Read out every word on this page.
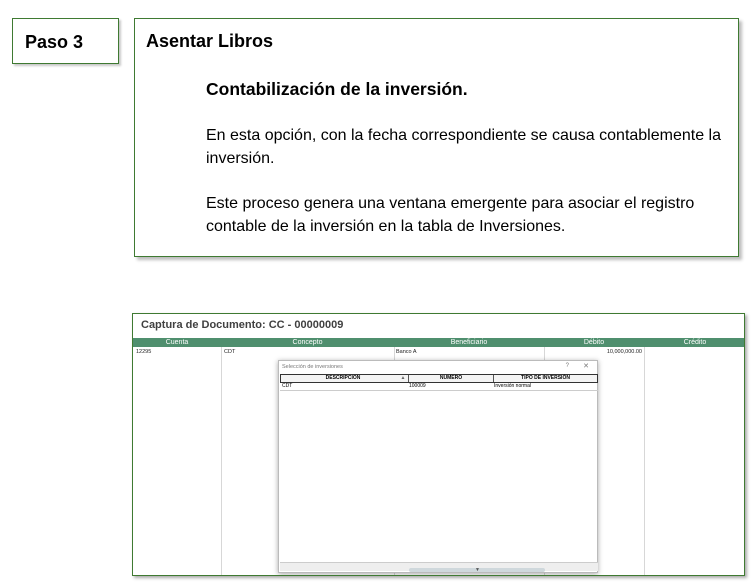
Paso 3	Asentar Libros
Contabilización de la inversión.
En esta opción, con la fecha correspondiente se causa contablemente la inversión.
Este proceso genera una ventana emergente para asociar el registro contable de la inversión en la tabla de Inversiones.
Captura de Documento: CC - 00000009
Cuenta	Concepto	Beneficiario	Débito	Crédito
12295	CDT	Banco A	10,000,000.00
Selección de inversiones	? ✕
DESCRIPCION	▲	NUMERO	TIPO DE INVERSIÓN
CDT	100009	Inversión normal
▼
